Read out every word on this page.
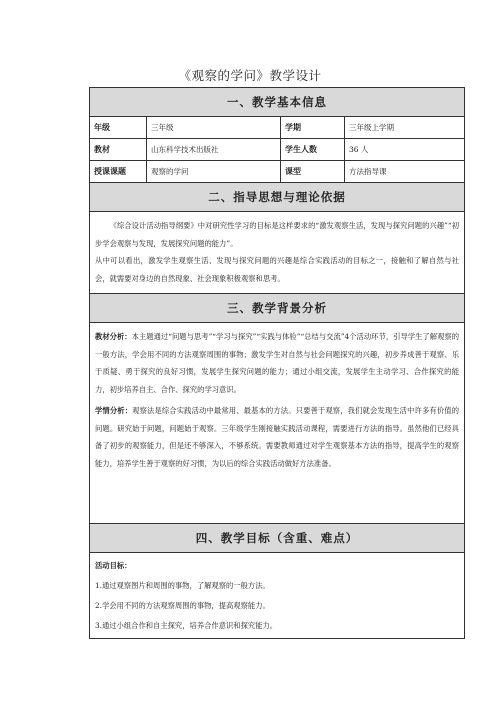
《观察的学问》教学设计
一、教学基本信息
年级	三年级	学期	三年级上学期
教材	山东科学技术出版社	学生人数	36 人
授课课题	观察的学问	课型	方法指导课
二、指导思想与理论依据

《综合设计活动指导纲要》中对研究性学习的目标是这样要求的“激发观察生活，发现与探究问题的兴趣”“初步学会观察与发现，发展探究问题的能力”。

从中可以看出，激发学生观察生活、发现与探究问题的兴趣是综合实践活动的目标之一，接触和了解自然与社会，就需要对身边的自然现象、社会现象积极观察和思考。

三、教学背景分析

教材分析：本主题通过“问题与思考”“学习与探究”“实践与体验”“总结与交流”4个活动环节，引导学生了解观察的一般方法，学会用不同的方法观察周围的事物；激发学生对自然与社会问题探究的兴趣，初步养成善于观察、乐于质疑、勇于探究的良好习惯，发展学生探究问题的能力；通过小组交流，发展学生主动学习、合作探究的能力，初步培养自主、合作、探究的学习意识。

学情分析：观察法是综合实践活动中最常用、最基本的方法。只要善于观察，我们就会发现生活中许多有价值的问题。研究始于问题，问题始于观察。三年级学生刚接触实践活动课程，需要进行方法的指导。虽然他们已经具备了初步的观察能力，但是还不够深入，不够系统。需要教师通过对学生观察基本方法的指导，提高学生的观察能力，培养学生善于观察的好习惯，为以后的综合实践活动做好方法准备。

四、教学目标（含重、难点）

活动目标：

1.通过观察图片和周围的事物，了解观察的一般方法。

2.学会用不同的方法观察周围的事物，提高观察能力。

3.通过小组合作和自主探究，培养合作意识和探究能力。
